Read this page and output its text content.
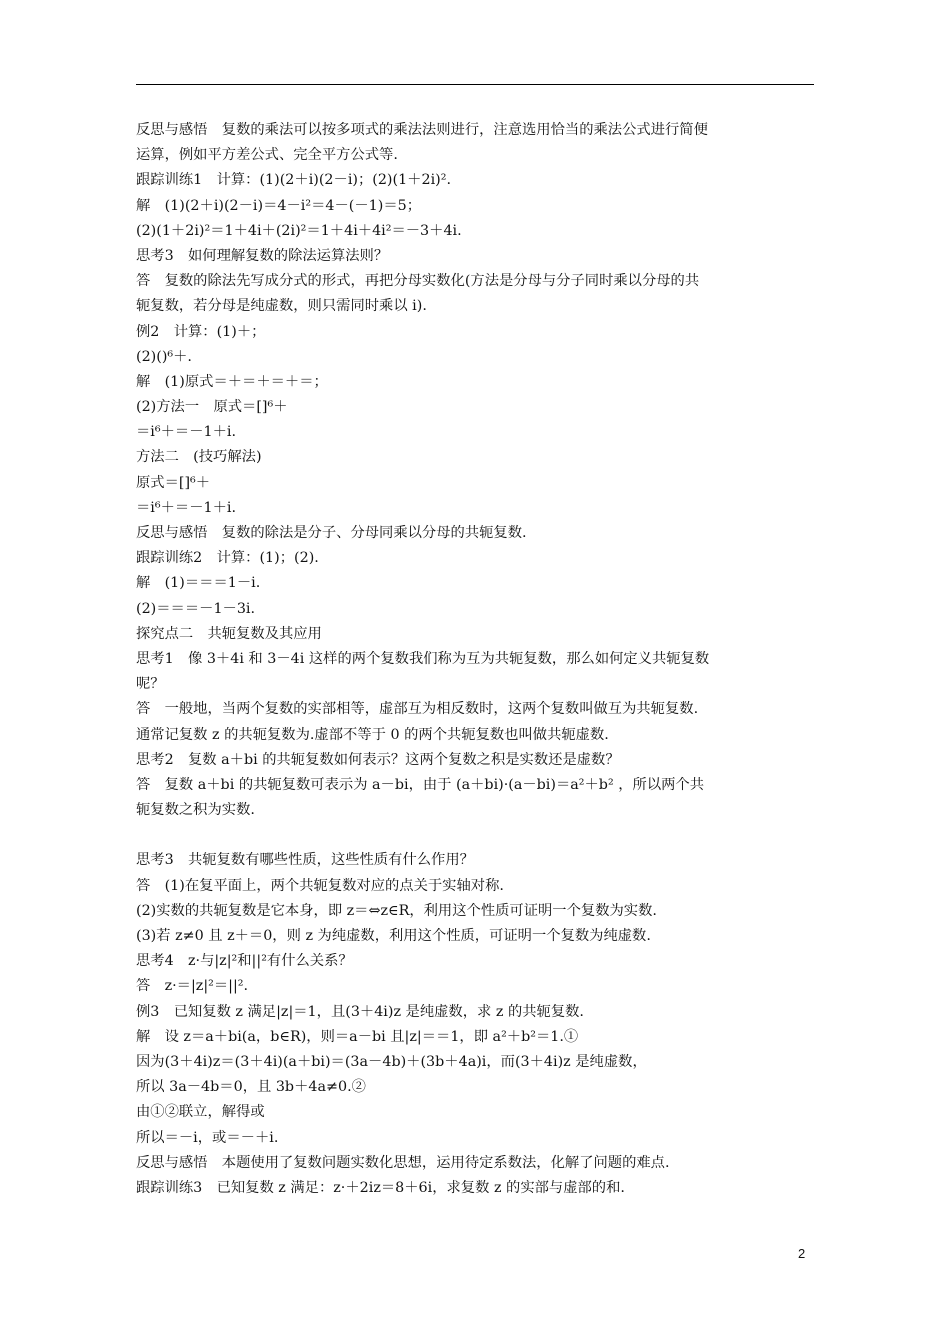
反思与感悟　复数的乘法可以按多项式的乘法法则进行，注意选用恰当的乘法公式进行简便
运算，例如平方差公式、完全平方公式等.
跟踪训练1　计算：(1)(2＋i)(2－i)；(2)(1＋2i)².
解　(1)(2＋i)(2－i)＝4－i²＝4－(－1)＝5；
(2)(1＋2i)²＝1＋4i＋(2i)²＝1＋4i＋4i²＝－3＋4i.
思考3　如何理解复数的除法运算法则？
答　复数的除法先写成分式的形式，再把分母实数化(方法是分母与分子同时乘以分母的共
轭复数，若分母是纯虚数，则只需同时乘以 i).
例2　计算：(1)＋；
(2)()⁶＋.
解　(1)原式＝＋＝＋＝＋＝；
(2)方法一　原式＝[]⁶＋
＝i⁶＋＝－1＋i.
方法二　(技巧解法)
原式＝[]⁶＋
＝i⁶＋＝－1＋i.
反思与感悟　复数的除法是分子、分母同乘以分母的共轭复数.
跟踪训练2　计算：(1)；(2).
解　(1)＝＝＝1－i.
(2)＝＝＝－1－3i.
探究点二　共轭复数及其应用
思考1　像 3＋4i 和 3－4i 这样的两个复数我们称为互为共轭复数，那么如何定义共轭复数
呢？
答　一般地，当两个复数的实部相等，虚部互为相反数时，这两个复数叫做互为共轭复数.
通常记复数 z 的共轭复数为.虚部不等于 0 的两个共轭复数也叫做共轭虚数.
思考2　复数 a＋bi 的共轭复数如何表示？这两个复数之积是实数还是虚数？
答　复数 a＋bi 的共轭复数可表示为 a－bi，由于 (a＋bi)·(a－bi)＝a²＋b² ，所以两个共
轭复数之积为实数.
思考3　共轭复数有哪些性质，这些性质有什么作用？
答　(1)在复平面上，两个共轭复数对应的点关于实轴对称.
(2)实数的共轭复数是它本身，即 z＝⇔z∈R，利用这个性质可证明一个复数为实数.
(3)若 z≠0 且 z＋＝0，则 z 为纯虚数，利用这个性质，可证明一个复数为纯虚数.
思考4　z·与|z|²和||²有什么关系？
答　z·＝|z|²＝||².
例3　已知复数 z 满足|z|＝1，且(3＋4i)z 是纯虚数，求 z 的共轭复数.
解　设 z＝a＋bi(a，b∈R)，则＝a－bi 且|z|＝＝1，即 a²＋b²＝1.①
因为(3＋4i)z＝(3＋4i)(a＋bi)＝(3a－4b)＋(3b＋4a)i，而(3＋4i)z 是纯虚数，
所以 3a－4b＝0，且 3b＋4a≠0.②
由①②联立，解得或
所以＝－i，或＝－＋i.
反思与感悟　本题使用了复数问题实数化思想，运用待定系数法，化解了问题的难点.
跟踪训练3　已知复数 z 满足：z·＋2iz＝8＋6i，求复数 z 的实部与虚部的和.
2
